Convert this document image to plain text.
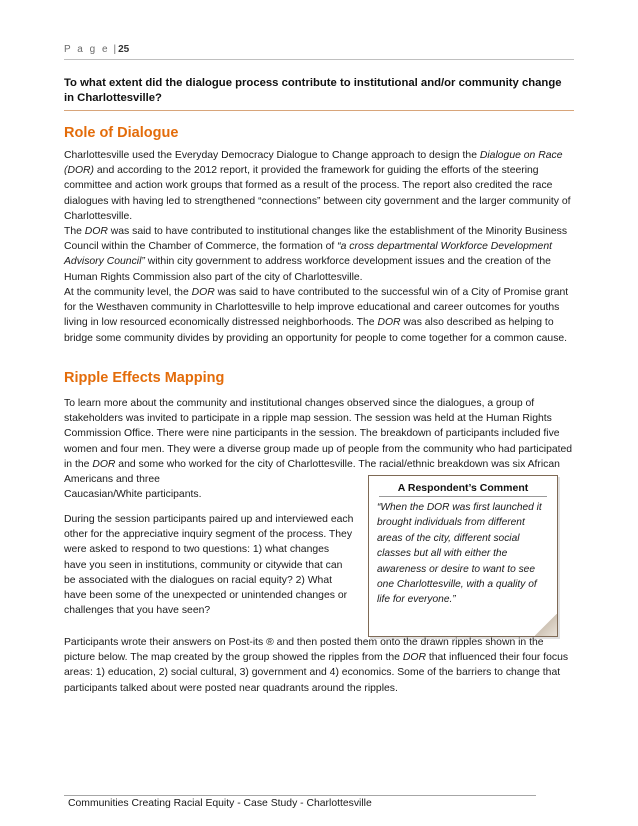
P a g e | 25
To what extent did the dialogue process contribute to institutional and/or community change in Charlottesville?
Role of Dialogue

Charlottesville used the Everyday Democracy Dialogue to Change approach to design the Dialogue on Race (DOR) and according to the 2012 report, it provided the framework for guiding the efforts of the steering committee and action work groups that formed as a result of the process. The report also credited the race dialogues with having led to strengthened “connections” between city government and the larger community of Charlottesville.

The DOR was said to have contributed to institutional changes like the establishment of the Minority Business Council within the Chamber of Commerce, the formation of “a cross departmental Workforce Development Advisory Council” within city government to address workforce development issues and the creation of the Human Rights Commission also part of the city of Charlottesville.

At the community level, the DOR was said to have contributed to the successful win of a City of Promise grant for the Westhaven community in Charlottesville to help improve educational and career outcomes for youths living in low resourced economically distressed neighborhoods. The DOR was also described as helping to bridge some community divides by providing an opportunity for people to come together for a common cause.

Ripple Effects Mapping

To learn more about the community and institutional changes observed since the dialogues, a group of stakeholders was invited to participate in a ripple map session. The session was held at the Human Rights Commission Office. There were nine participants in the session. The breakdown of participants included five women and four men. They were a diverse group made up of people from the community who had participated in the DOR and some who worked for the city of Charlottesville. The racial/ethnic breakdown was six African Americans and three
Caucasian/White participants.

During the session participants paired up and interviewed each other for the appreciative inquiry segment of the process. They were asked to respond to two questions: 1) what changes have you seen in institutions, community or citywide that can be associated with the dialogues on racial equity? 2) What have been some of the unexpected or unintended changes or challenges that you have seen?

A Respondent’s Comment
“When the DOR was first launched it brought individuals from different areas of the city, different social classes but all with either the awareness or desire to want to see one Charlottesville, with a quality of life for everyone.”

Participants wrote their answers on Post-its ® and then posted them onto the drawn ripples shown in the picture below. The map created by the group showed the ripples from the DOR that influenced their four focus areas: 1) education, 2) social cultural, 3) government and 4) economics. Some of the barriers to change that participants talked about were posted near quadrants around the ripples.

Communities Creating Racial Equity - Case Study - Charlottesville
